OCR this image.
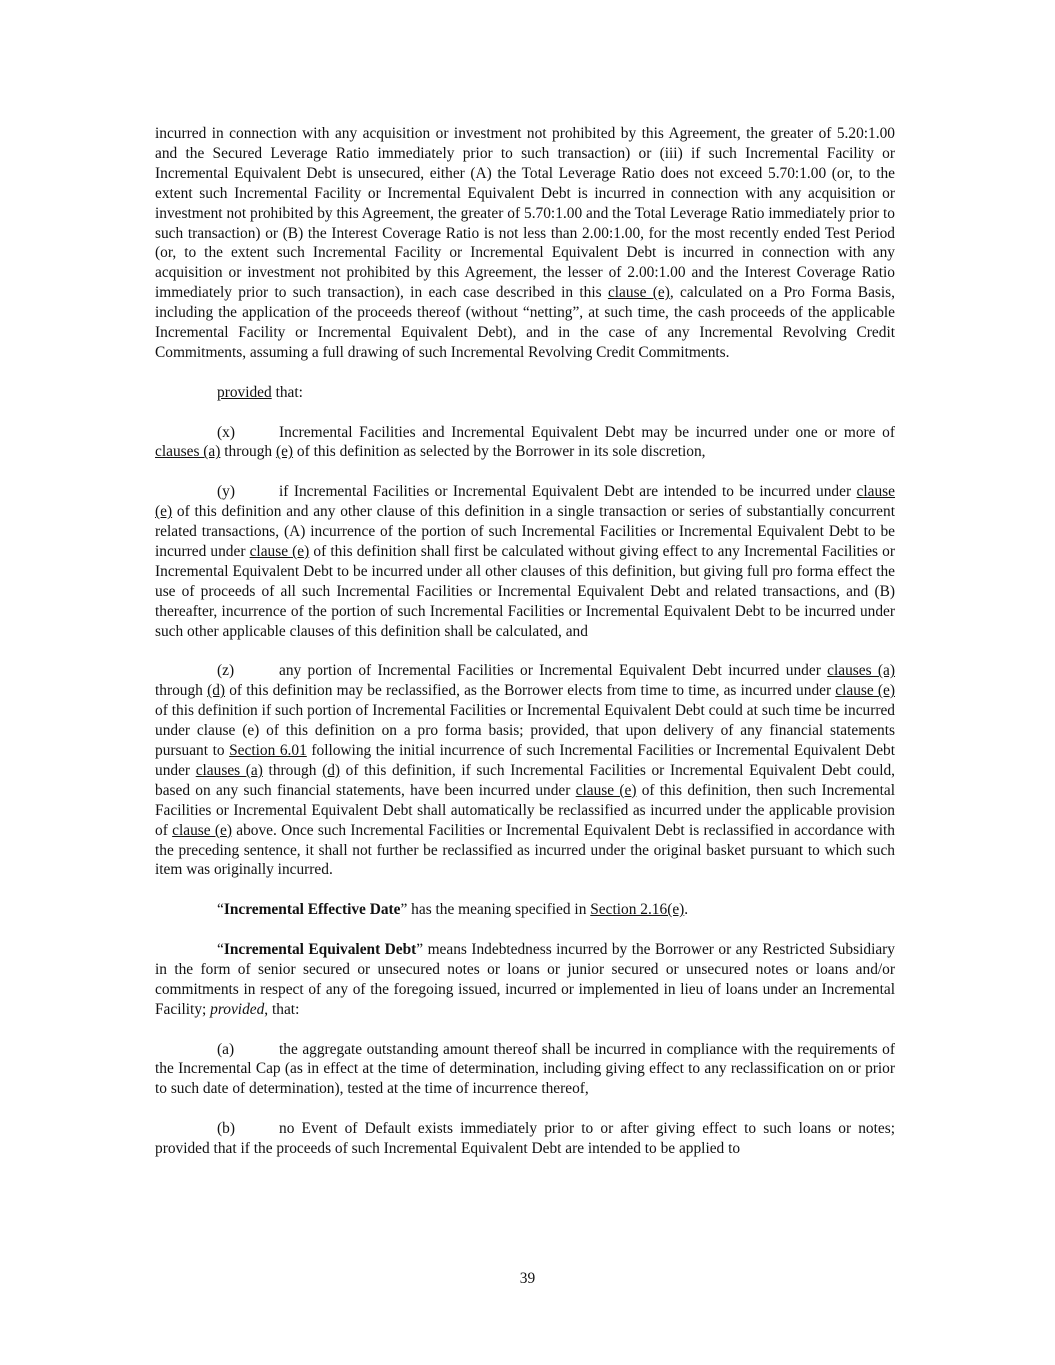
incurred in connection with any acquisition or investment not prohibited by this Agreement, the greater of 5.20:1.00 and the Secured Leverage Ratio immediately prior to such transaction) or (iii) if such Incremental Facility or Incremental Equivalent Debt is unsecured, either (A) the Total Leverage Ratio does not exceed 5.70:1.00 (or, to the extent such Incremental Facility or Incremental Equivalent Debt is incurred in connection with any acquisition or investment not prohibited by this Agreement, the greater of 5.70:1.00 and the Total Leverage Ratio immediately prior to such transaction) or (B) the Interest Coverage Ratio is not less than 2.00:1.00, for the most recently ended Test Period (or, to the extent such Incremental Facility or Incremental Equivalent Debt is incurred in connection with any acquisition or investment not prohibited by this Agreement, the lesser of 2.00:1.00 and the Interest Coverage Ratio immediately prior to such transaction), in each case described in this clause (e), calculated on a Pro Forma Basis, including the application of the proceeds thereof (without “netting”, at such time, the cash proceeds of the applicable Incremental Facility or Incremental Equivalent Debt), and in the case of any Incremental Revolving Credit Commitments, assuming a full drawing of such Incremental Revolving Credit Commitments.

provided that:

(x)	Incremental Facilities and Incremental Equivalent Debt may be incurred under one or more of clauses (a) through (e) of this definition as selected by the Borrower in its sole discretion,

(y)	if Incremental Facilities or Incremental Equivalent Debt are intended to be incurred under clause (e) of this definition and any other clause of this definition in a single transaction or series of substantially concurrent related transactions, (A) incurrence of the portion of such Incremental Facilities or Incremental Equivalent Debt to be incurred under clause (e) of this definition shall first be calculated without giving effect to any Incremental Facilities or Incremental Equivalent Debt to be incurred under all other clauses of this definition, but giving full pro forma effect the use of proceeds of all such Incremental Facilities or Incremental Equivalent Debt and related transactions, and (B) thereafter, incurrence of the portion of such Incremental Facilities or Incremental Equivalent Debt to be incurred under such other applicable clauses of this definition shall be calculated, and

(z)	any portion of Incremental Facilities or Incremental Equivalent Debt incurred under clauses (a) through (d) of this definition may be reclassified, as the Borrower elects from time to time, as incurred under clause (e) of this definition if such portion of Incremental Facilities or Incremental Equivalent Debt could at such time be incurred under clause (e) of this definition on a pro forma basis; provided, that upon delivery of any financial statements pursuant to Section 6.01 following the initial incurrence of such Incremental Facilities or Incremental Equivalent Debt under clauses (a) through (d) of this definition, if such Incremental Facilities or Incremental Equivalent Debt could, based on any such financial statements, have been incurred under clause (e) of this definition, then such Incremental Facilities or Incremental Equivalent Debt shall automatically be reclassified as incurred under the applicable provision of clause (e) above. Once such Incremental Facilities or Incremental Equivalent Debt is reclassified in accordance with the preceding sentence, it shall not further be reclassified as incurred under the original basket pursuant to which such item was originally incurred.

“Incremental Effective Date” has the meaning specified in Section 2.16(e).

“Incremental Equivalent Debt” means Indebtedness incurred by the Borrower or any Restricted Subsidiary in the form of senior secured or unsecured notes or loans or junior secured or unsecured notes or loans and/or commitments in respect of any of the foregoing issued, incurred or implemented in lieu of loans under an Incremental Facility; provided, that:

(a)	the aggregate outstanding amount thereof shall be incurred in compliance with the requirements of the Incremental Cap (as in effect at the time of determination, including giving effect to any reclassification on or prior to such date of determination), tested at the time of incurrence thereof,

(b)	no Event of Default exists immediately prior to or after giving effect to such loans or notes; provided that if the proceeds of such Incremental Equivalent Debt are intended to be applied to

39
